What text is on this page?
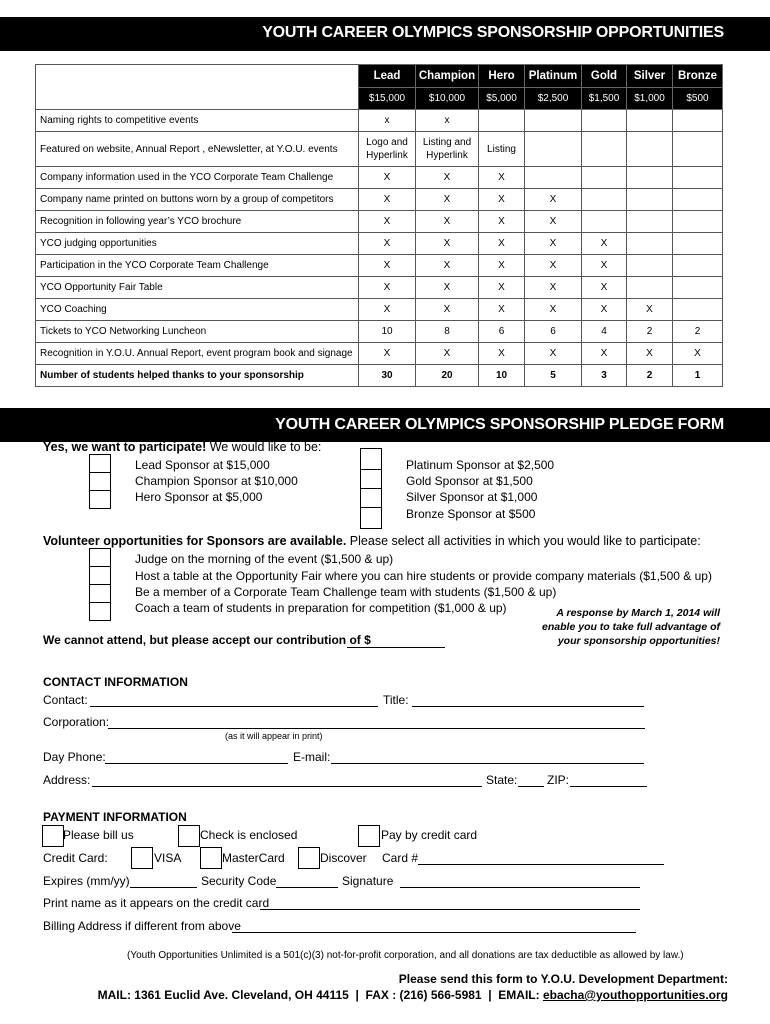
YOUTH CAREER OLYMPICS SPONSORSHIP OPPORTUNITIES
	Lead	Champion	Hero	Platinum	Gold	Silver	Bronze
	$15,000	$10,000	$5,000	$2,500	$1,500	$1,000	$500
Naming rights to competitive events	x	x					
Featured on website, Annual Report , eNewsletter, at Y.O.U. events	Logo and Hyperlink	Listing and Hyperlink	Listing				
Company information used in the YCO Corporate Team Challenge	X	X	X				
Company name printed on buttons worn by a group of competitors	X	X	X	X			
Recognition in following year’s YCO brochure	X	X	X	X			
YCO judging opportunities	X	X	X	X	X		
Participation in the YCO Corporate Team Challenge	X	X	X	X	X		
YCO Opportunity Fair Table	X	X	X	X	X		
YCO Coaching	X	X	X	X	X	X	
Tickets to YCO Networking Luncheon	10	8	6	6	4	2	2
Recognition in Y.O.U. Annual Report, event program book and signage	X	X	X	X	X	X	X
Number of students helped thanks to your sponsorship	30	20	10	5	3	2	1
YOUTH CAREER OLYMPICS SPONSORSHIP PLEDGE FORM
Yes, we want to participate! We would like to be:
Lead Sponsor at $15,000
Champion Sponsor at $10,000
Hero Sponsor at $5,000
Platinum Sponsor at $2,500
Gold Sponsor at $1,500
Silver Sponsor at $1,000
Bronze Sponsor at $500
Volunteer opportunities for Sponsors are available. Please select all activities in which you would like to participate:
Judge on the morning of the event ($1,500 & up)
Host a table at the Opportunity Fair where you can hire students or provide company materials ($1,500 & up)
Be a member of a Corporate Team Challenge team with students ($1,500 & up)
Coach a team of students in preparation for competition ($1,000 & up)	A response by March 1, 2014 will
enable you to take full advantage of
your sponsorship opportunities!
We cannot attend, but please accept our contribution of $
CONTACT INFORMATION
Contact:	Title:
Corporation:
(as it will appear in print)
Day Phone:	E-mail:
Address:	State: ZIP:
PAYMENT INFORMATION
Please bill us	Check is enclosed	Pay by credit card
Credit Card:	VISA	MasterCard	Discover Card #
Expires (mm/yy)	Security Code	Signature
Print name as it appears on the credit card
Billing Address if different from above
(Youth Opportunities Unlimited is a 501(c)(3) not-for-profit corporation, and all donations are tax deductible as allowed by law.)
Please send this form to Y.O.U. Development Department:
MAIL: 1361 Euclid Ave. Cleveland, OH 44115  |  FAX : (216) 566-5981  |  EMAIL: ebacha@youthopportunities.org
